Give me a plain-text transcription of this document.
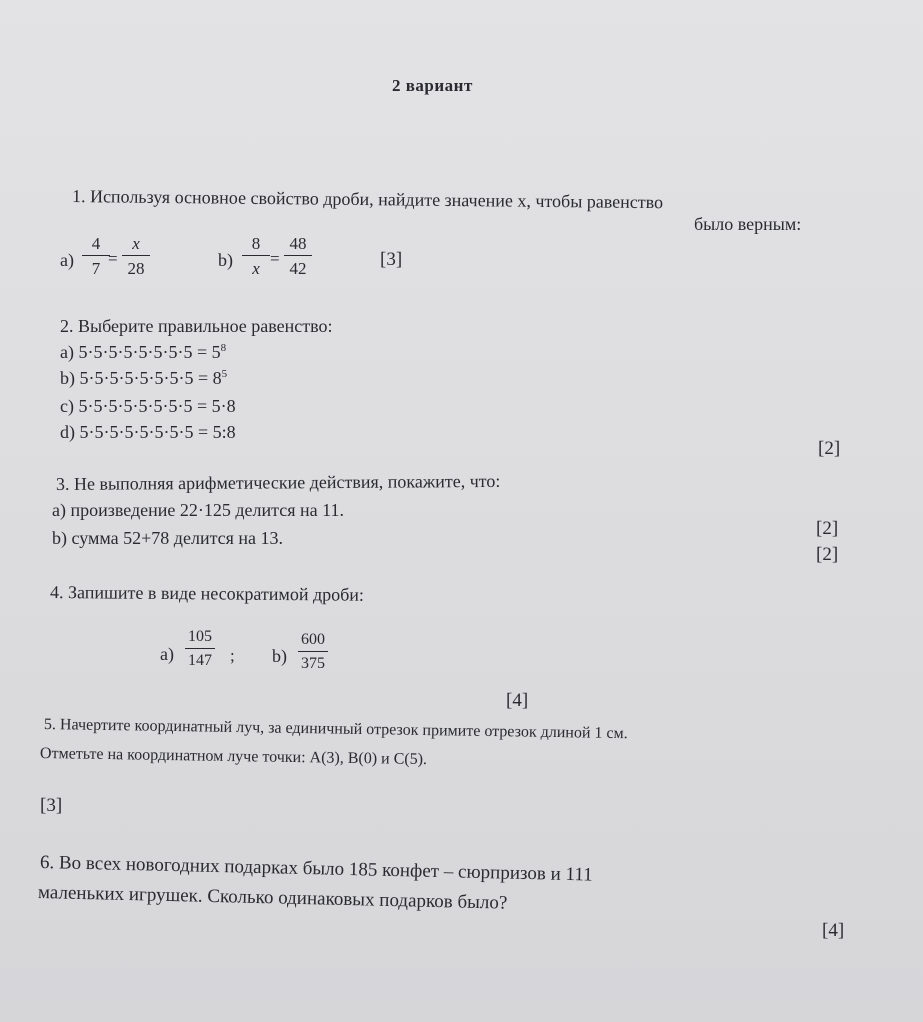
2 вариант
1. Используя основное свойство дроби, найдите значение x, чтобы равенство
было верным:
$a) \frac{4}{7}$
= $\frac{x}{28}$	$b) \frac{8}{x} = \frac{48}{42}$	[3]
2. Выберите правильное равенство:
a) $5\cdot 5\cdot 5\cdot 5\cdot 5\cdot 5\cdot 5\cdot 5 = 5^8$
b) $5\cdot 5\cdot 5\cdot 5\cdot 5\cdot 5\cdot 5\cdot 5 = 8^5$
c) 5·5·5·5·5·5·5·5 = 5·8
d) 5·5·5·5·5·5·5·5 = 5:8
[2]
3. Не выполняя арифметические действия, покажите, что:
a) произведение 22·125 делится на 11.
b) сумма 52+78 делится на 13.	[2]
[2]
4. Запишите в виде несократимой дроби:
$a) \frac{105}{147}$ ; $b) \frac{600}{375}$
[4]
5. Начертите координатный луч, за единичный отрезок примите отрезок длиной 1 см.
Отметьте на координатном луче точки: A(3), B(0) и C(5).
[3]
6. Во всех новогодних подарках было 185 конфет – сюрпризов и 111
маленьких игрушек. Сколько одинаковых подарков было?
[4]
